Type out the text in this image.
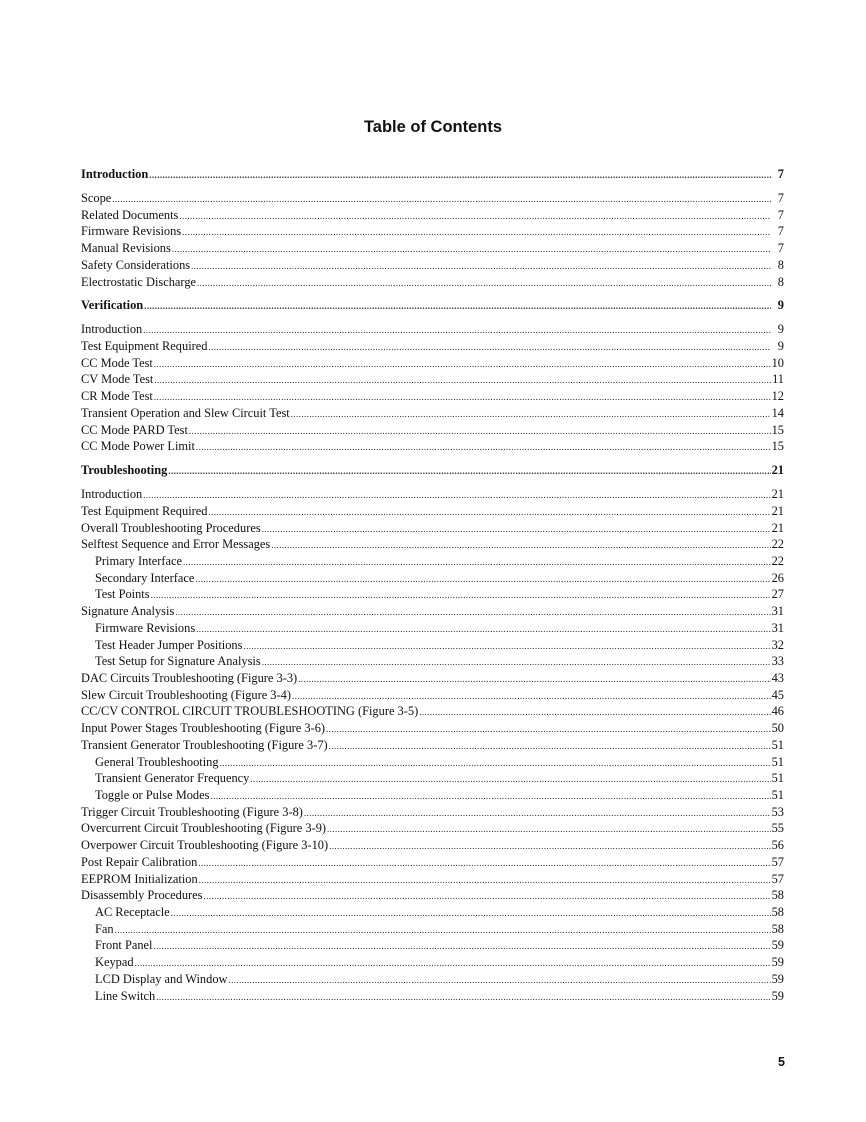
Table of Contents
Introduction .....	7
Scope .....	7
Related Documents .....	7
Firmware Revisions .....	7
Manual Revisions .....	7
Safety Considerations .....	8
Electrostatic Discharge .....	8
Verification .....	9
Introduction .....	9
Test Equipment Required .....	9
CC Mode Test .....	10
CV Mode Test .....	11
CR Mode Test .....	12
Transient Operation and Slew Circuit Test .....	14
CC Mode PARD Test .....	15
CC Mode Power Limit .....	15
Troubleshooting .....	21
Introduction .....	21
Test Equipment Required .....	21
Overall Troubleshooting Procedures .....	21
Selftest Sequence and Error Messages .....	22
Primary Interface .....	22
Secondary Interface .....	26
Test Points .....	27
Signature Analysis .....	31
Firmware Revisions .....	31
Test Header Jumper Positions .....	32
Test Setup for Signature Analysis .....	33
DAC Circuits Troubleshooting (Figure 3-3) .....	43
Slew Circuit Troubleshooting (Figure 3-4) .....	45
CC/CV CONTROL CIRCUIT TROUBLESHOOTING (Figure 3-5) .....	46
Input Power Stages Troubleshooting (Figure 3-6) .....	50
Transient Generator Troubleshooting (Figure 3-7) .....	51
General Troubleshooting .....	51
Transient Generator Frequency .....	51
Toggle or Pulse Modes .....	51
Trigger Circuit Troubleshooting (Figure 3-8) .....	53
Overcurrent Circuit Troubleshooting (Figure 3-9) .....	55
Overpower Circuit Troubleshooting (Figure 3-10) .....	56
Post Repair Calibration .....	57
EEPROM Initialization .....	57
Disassembly Procedures .....	58
AC Receptacle .....	58
Fan .....	58
Front Panel .....	59
Keypad .....	59
LCD Display and Window .....	59
Line Switch .....	59
5
